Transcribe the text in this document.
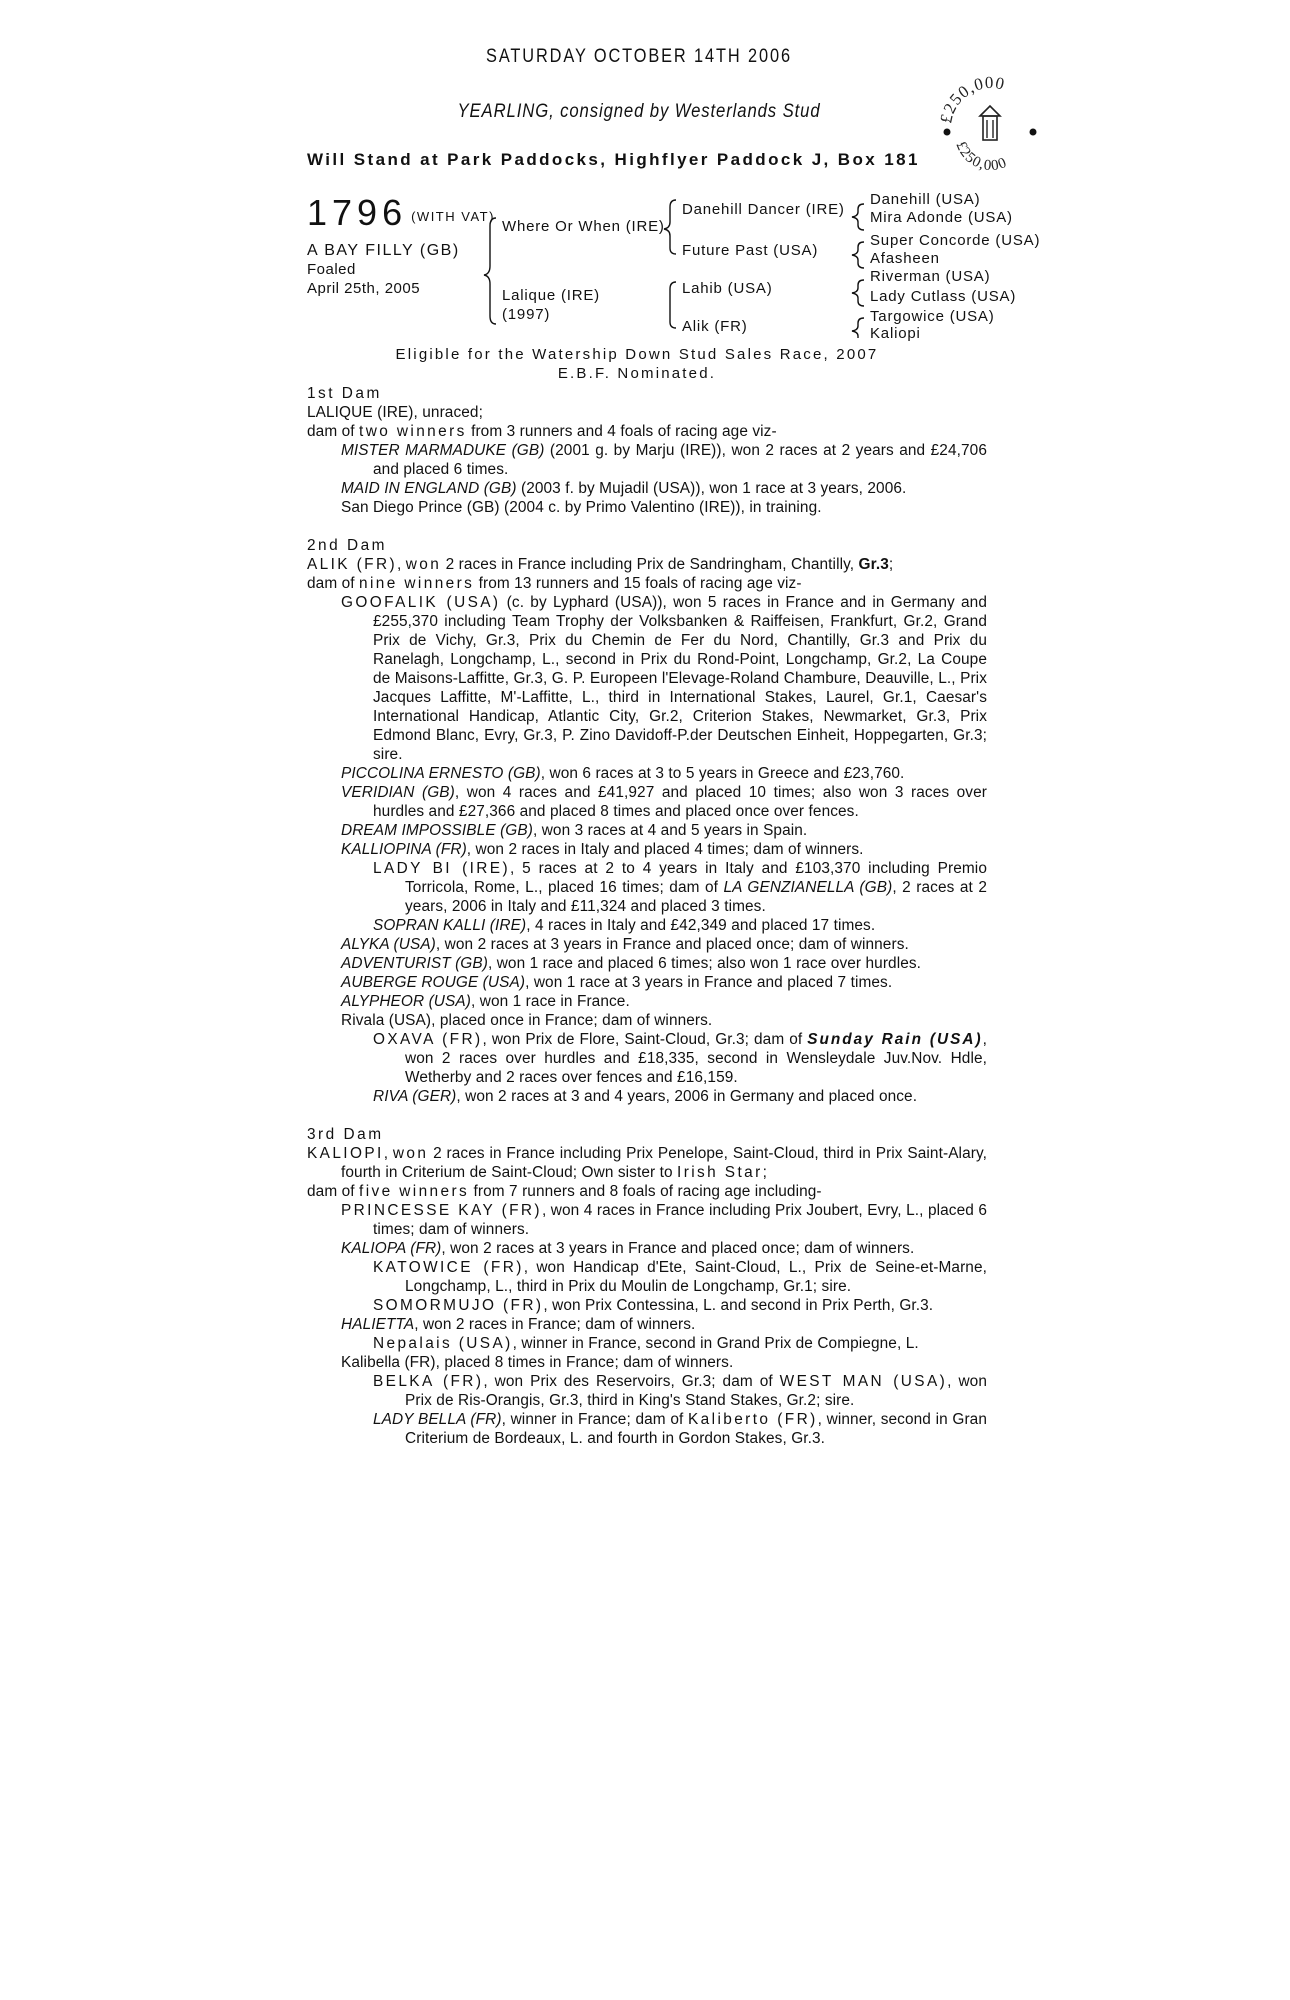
SATURDAY OCTOBER 14TH 2006
YEARLING, consigned by Westerlands Stud
Will Stand at Park Paddocks, Highflyer Paddock J, Box 181
£250,000
£250,000
1796 (WITH VAT)
A BAY FILLY (GB)
Foaled
April 25th, 2005
Where Or When (IRE)
Lalique (IRE)
(1997)
Danehill Dancer (IRE)
Future Past (USA)
Lahib (USA)
Alik (FR)
Danehill (USA)
Mira Adonde (USA)
Super Concorde (USA)
Afasheen
Riverman (USA)
Lady Cutlass (USA)
Targowice (USA)
Kaliopi
Eligible for the Watership Down Stud Sales Race, 2007
E.B.F. Nominated.

1st Dam

LALIQUE (IRE), unraced;

dam of two winners from 3 runners and 4 foals of racing age viz-

MISTER MARMADUKE (GB) (2001 g. by Marju (IRE)), won 2 races at 2 years and £24,706 and placed 6 times.

MAID IN ENGLAND (GB) (2003 f. by Mujadil (USA)), won 1 race at 3 years, 2006.

San Diego Prince (GB) (2004 c. by Primo Valentino (IRE)), in training.

2nd Dam

ALIK (FR), won 2 races in France including Prix de Sandringham, Chantilly, Gr.3;

dam of nine winners from 13 runners and 15 foals of racing age viz-

GOOFALIK (USA) (c. by Lyphard (USA)), won 5 races in France and in Germany and £255,370 including Team Trophy der Volksbanken & Raiffeisen, Frankfurt, Gr.2, Grand Prix de Vichy, Gr.3, Prix du Chemin de Fer du Nord, Chantilly, Gr.3 and Prix du Ranelagh, Longchamp, L., second in Prix du Rond-Point, Longchamp, Gr.2, La Coupe de Maisons-Laffitte, Gr.3, G. P. Europeen l'Elevage-Roland Chambure, Deauville, L., Prix Jacques Laffitte, M'-Laffitte, L., third in International Stakes, Laurel, Gr.1, Caesar's International Handicap, Atlantic City, Gr.2, Criterion Stakes, Newmarket, Gr.3, Prix Edmond Blanc, Evry, Gr.3, P. Zino Davidoff-P.der Deutschen Einheit, Hoppegarten, Gr.3; sire.

PICCOLINA ERNESTO (GB), won 6 races at 3 to 5 years in Greece and £23,760.

VERIDIAN (GB), won 4 races and £41,927 and placed 10 times; also won 3 races over hurdles and £27,366 and placed 8 times and placed once over fences.

DREAM IMPOSSIBLE (GB), won 3 races at 4 and 5 years in Spain.

KALLIOPINA (FR), won 2 races in Italy and placed 4 times; dam of winners.

LADY BI (IRE), 5 races at 2 to 4 years in Italy and £103,370 including Premio Torricola, Rome, L., placed 16 times; dam of LA GENZIANELLA (GB), 2 races at 2 years, 2006 in Italy and £11,324 and placed 3 times.

SOPRAN KALLI (IRE), 4 races in Italy and £42,349 and placed 17 times.

ALYKA (USA), won 2 races at 3 years in France and placed once; dam of winners.

ADVENTURIST (GB), won 1 race and placed 6 times; also won 1 race over hurdles.

AUBERGE ROUGE (USA), won 1 race at 3 years in France and placed 7 times.

ALYPHEOR (USA), won 1 race in France.

Rivala (USA), placed once in France; dam of winners.

OXAVA (FR), won Prix de Flore, Saint-Cloud, Gr.3; dam of Sunday Rain (USA), won 2 races over hurdles and £18,335, second in Wensleydale Juv.Nov. Hdle, Wetherby and 2 races over fences and £16,159.

RIVA (GER), won 2 races at 3 and 4 years, 2006 in Germany and placed once.

3rd Dam

KALIOPI, won 2 races in France including Prix Penelope, Saint-Cloud, third in Prix Saint-Alary, fourth in Criterium de Saint-Cloud; Own sister to Irish Star;

dam of five winners from 7 runners and 8 foals of racing age including-

PRINCESSE KAY (FR), won 4 races in France including Prix Joubert, Evry, L., placed 6 times; dam of winners.

KALIOPA (FR), won 2 races at 3 years in France and placed once; dam of winners.

KATOWICE (FR), won Handicap d'Ete, Saint-Cloud, L., Prix de Seine-et-Marne, Longchamp, L., third in Prix du Moulin de Longchamp, Gr.1; sire.

SOMORMUJO (FR), won Prix Contessina, L. and second in Prix Perth, Gr.3.

HALIETTA, won 2 races in France; dam of winners.

Nepalais (USA), winner in France, second in Grand Prix de Compiegne, L.

Kalibella (FR), placed 8 times in France; dam of winners.

BELKA (FR), won Prix des Reservoirs, Gr.3; dam of WEST MAN (USA), won Prix de Ris-Orangis, Gr.3, third in King's Stand Stakes, Gr.2; sire.

LADY BELLA (FR), winner in France; dam of Kaliberto (FR), winner, second in Gran Criterium de Bordeaux, L. and fourth in Gordon Stakes, Gr.3.
